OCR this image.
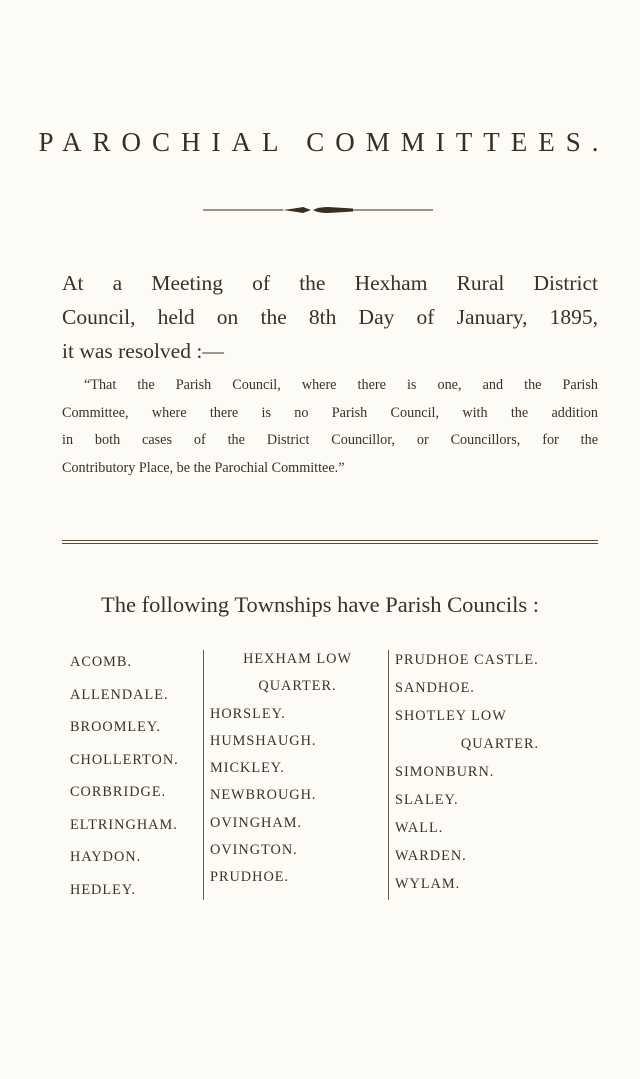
PAROCHIAL COMMITTEES.
At a Meeting of the Hexham Rural District
Council, held on the 8th Day of January, 1895,
it was resolved :—
“That the Parish Council, where there is one, and the Parish
Committee, where there is no Parish Council, with the addition
in both cases of the District Councillor, or Councillors, for the
Contributory Place, be the Parochial Committee.”
The following Townships have Parish Councils :
ACOMB.
ALLENDALE.
BROOMLEY.
CHOLLERTON.
CORBRIDGE.
ELTRINGHAM.
HAYDON.
HEDLEY.
HEXHAM LOW
QUARTER.
HORSLEY.
HUMSHAUGH.
MICKLEY.
NEWBROUGH.
OVINGHAM.
OVINGTON.
PRUDHOE.
PRUDHOE CASTLE.
SANDHOE.
SHOTLEY LOW
QUARTER.
SIMONBURN.
SLALEY.
WALL.
WARDEN.
WYLAM.
